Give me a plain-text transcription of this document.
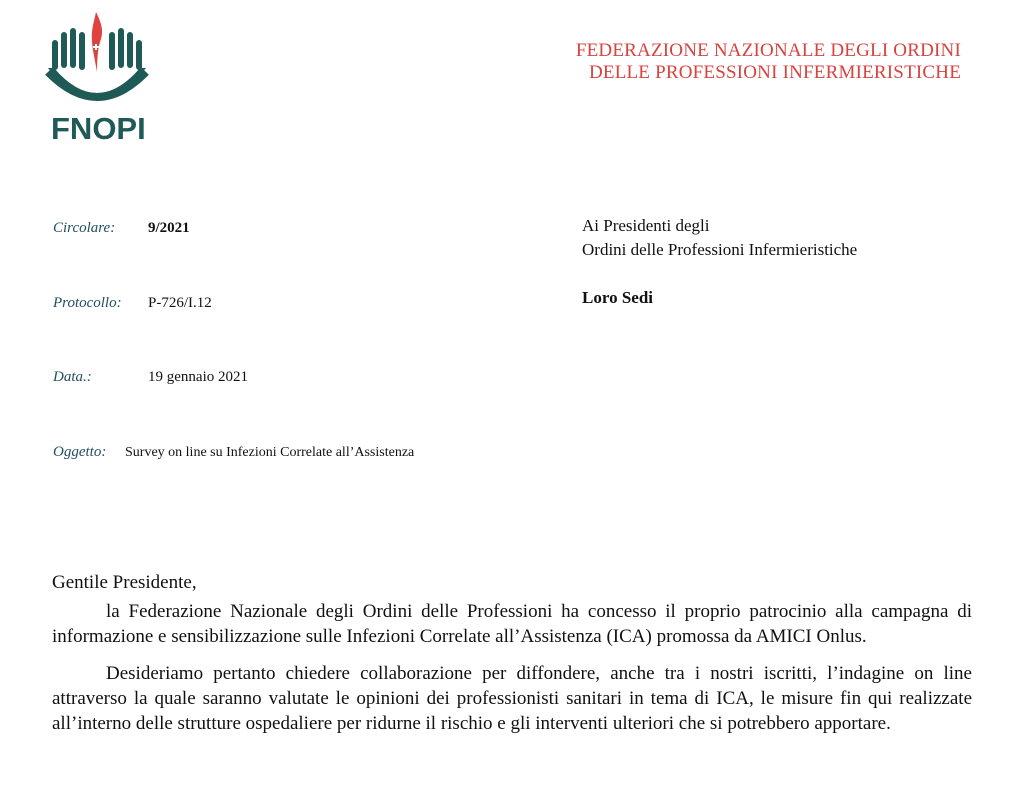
FNOPI
FEDERAZIONE NAZIONALE DEGLI ORDINI
DELLE PROFESSIONI INFERMIERISTICHE
Circolare: 9/2021
Protocollo: P-726/I.12
Data.:	19 gennaio 2021
Oggetto: Survey on line su Infezioni Correlate all’Assistenza
Ai Presidenti degli
Ordini delle Professioni Infermieristiche
Loro Sedi

Gentile Presidente,

la Federazione Nazionale degli Ordini delle Professioni ha concesso il proprio patrocinio alla campagna di informazione e sensibilizzazione sulle Infezioni Correlate all’Assistenza (ICA) promossa da AMICI Onlus.

Desideriamo pertanto chiedere collaborazione per diffondere, anche tra i nostri iscritti, l’indagine on line attraverso la quale saranno valutate le opinioni dei professionisti sanitari in tema di ICA, le misure fin qui realizzate all’interno delle strutture ospedaliere per ridurne il rischio e gli interventi ulteriori che si potrebbero apportare.
